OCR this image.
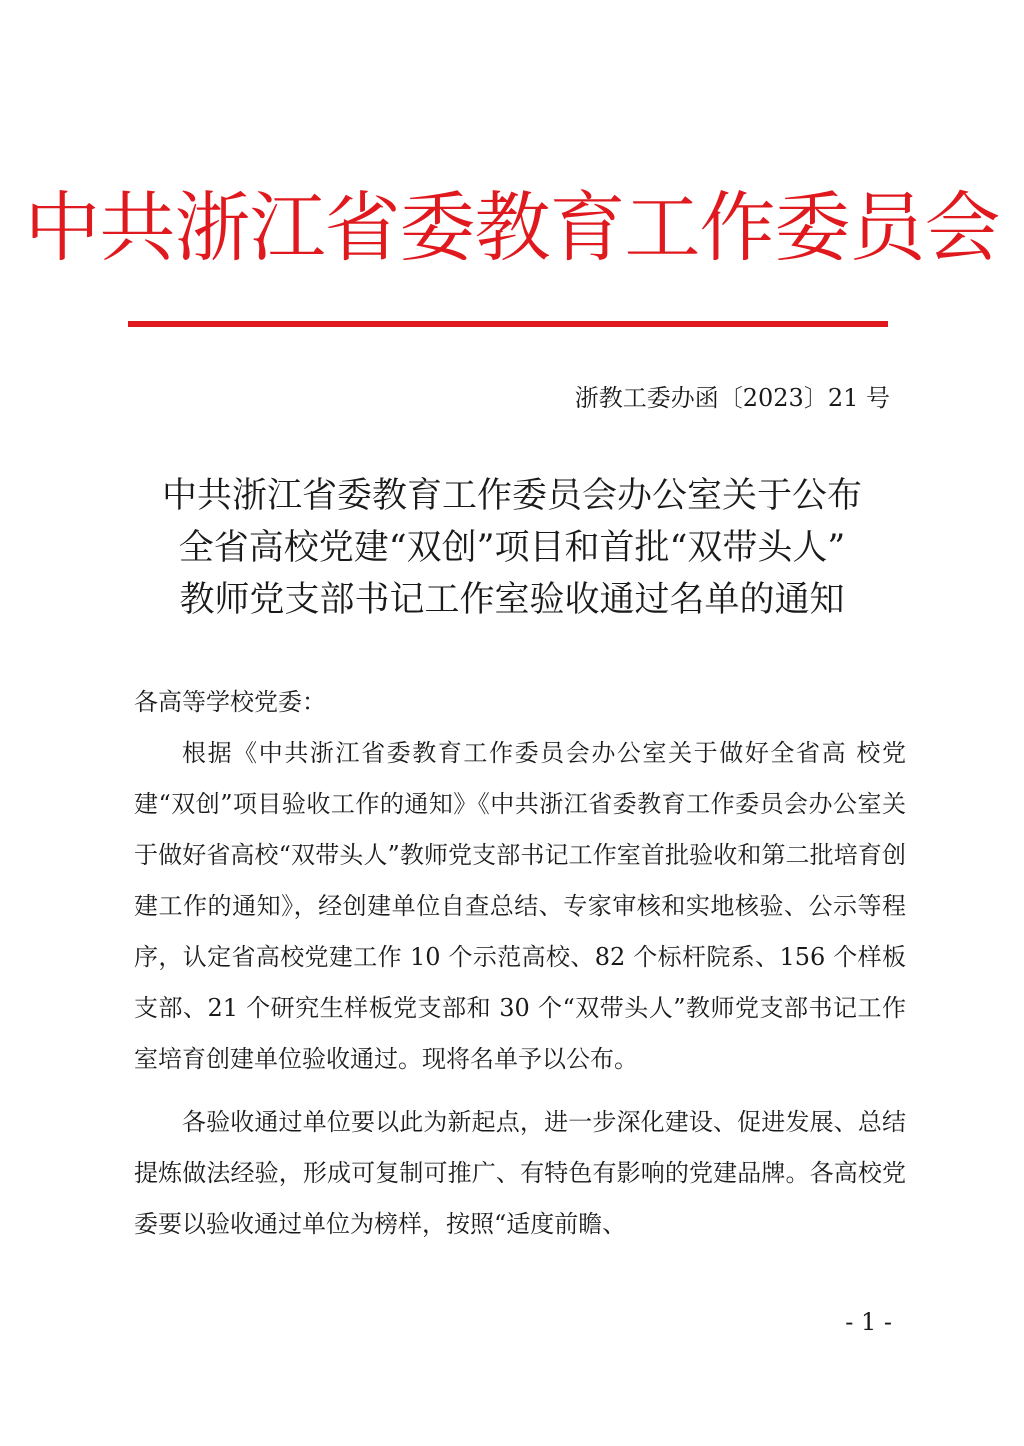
中共浙江省委教育工作委员会
浙教工委办函〔2023〕21 号
中共浙江省委教育工作委员会办公室关于公布
全省高校党建“双创”项目和首批“双带头人”
教师党支部书记工作室验收通过名单的通知
各高等学校党委：

根据《中共浙江省委教育工作委员会办公室关于做好全省高 校党建“双创”项目验收工作的通知》《中共浙江省委教育工作委员会办公室关于做好省高校“双带头人”教师党支部书记工作室首批验收和第二批培育创建工作的通知》，经创建单位自查总结、专家审核和实地核验、公示等程序，认定省高校党建工作 10 个示范高校、82 个标杆院系、156 个样板支部、21 个研究生样板党支部和 30 个“双带头人”教师党支部书记工作室培育创建单位验收通过。现将名单予以公布。

各验收通过单位要以此为新起点，进一步深化建设、促进发展、总结提炼做法经验，形成可复制可推广、有特色有影响的党建品牌。各高校党委要以验收通过单位为榜样，按照“适度前瞻、

- 1 -
